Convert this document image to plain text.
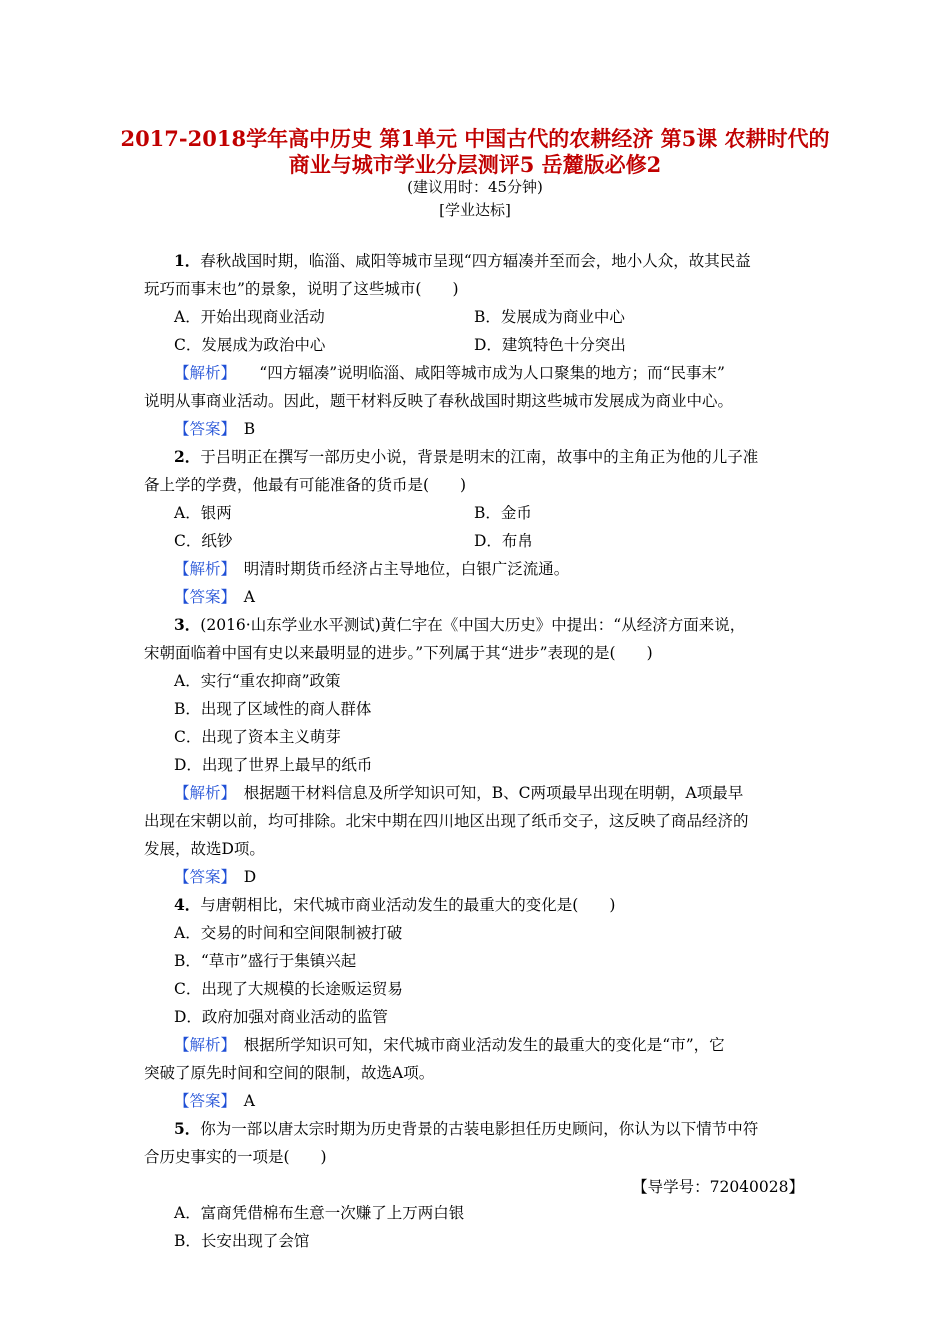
2017-2018学年高中历史 第1单元 中国古代的农耕经济 第5课 农耕时代的商业与城市学业分层测评5 岳麓版必修2
(建议用时：45分钟)
[学业达标]
1．春秋战国时期，临淄、咸阳等城市呈现“四方辐凑并至而会，地小人众，故其民益
玩巧而事末也”的景象，说明了这些城市(　　)
A．开始出现商业活动	B．发展成为商业中心
C．发展成为政治中心	D．建筑特色十分突出
【解析】　　“四方辐凑”说明临淄、咸阳等城市成为人口聚集的地方；而“民事末”
说明从事商业活动。因此，题干材料反映了春秋战国时期这些城市发展成为商业中心。
【答案】　 B
2．于吕明正在撰写一部历史小说，背景是明末的江南，故事中的主角正为他的儿子准
备上学的学费，他最有可能准备的货币是(　　)
A．银两	B．金币
C．纸钞	D．布帛
【解析】　 明清时期货币经济占主导地位，白银广泛流通。
【答案】　 A
3．(2016·山东学业水平测试)黄仁宇在《中国大历史》中提出：“从经济方面来说，
宋朝面临着中国有史以来最明显的进步。”下列属于其“进步”表现的是(　　)
A．实行“重农抑商”政策
B．出现了区域性的商人群体
C．出现了资本主义萌芽
D．出现了世界上最早的纸币
【解析】　 根据题干材料信息及所学知识可知，B、C两项最早出现在明朝，A项最早
出现在宋朝以前，均可排除。北宋中期在四川地区出现了纸币交子，这反映了商品经济的
发展，故选D项。
【答案】　 D
4．与唐朝相比，宋代城市商业活动发生的最重大的变化是(　　)
A．交易的时间和空间限制被打破
B．“草市”盛行于集镇兴起
C．出现了大规模的长途贩运贸易
D．政府加强对商业活动的监管
【解析】　 根据所学知识可知，宋代城市商业活动发生的最重大的变化是“市”，它
突破了原先时间和空间的限制，故选A项。
【答案】　 A
5．你为一部以唐太宗时期为历史背景的古装电影担任历史顾问，你认为以下情节中符
合历史事实的一项是(　　)
【导学号：72040028】
A．富商凭借棉布生意一次赚了上万两白银
B．长安出现了会馆
